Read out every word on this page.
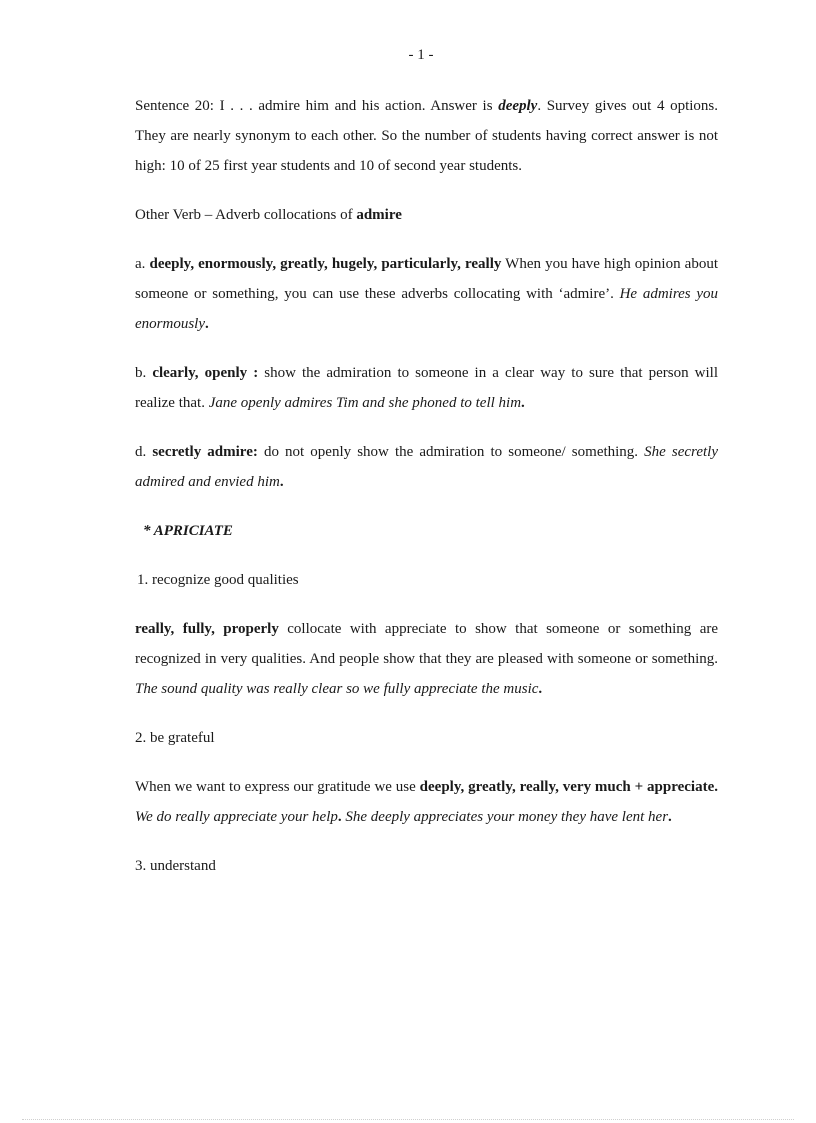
- 1 -

Sentence 20: I . . . admire him and his action. Answer is deeply. Survey gives out 4 options. They are nearly synonym to each other. So the number of students having correct answer is not high: 10 of 25 first year students and 10 of second year students.

Other Verb – Adverb collocations of admire

a. deeply, enormously, greatly, hugely, particularly, really When you have high opinion about someone or something, you can use these adverbs collocating with ‘admire’. He admires you enormously.

b. clearly, openly : show the admiration to someone in a clear way to sure that person will realize that. Jane openly admires Tim and she phoned to tell him.

d. secretly admire: do not openly show the admiration to someone/ something. She secretly admired and envied him.

* APRICIATE

1. recognize good qualities

really, fully, properly collocate with appreciate to show that someone or something are recognized in very qualities. And people show that they are pleased with someone or something. The sound quality was really clear so we fully appreciate the music.

2. be grateful

When we want to express our gratitude we use deeply, greatly, really, very much + appreciate. We do really appreciate your help. She deeply appreciates your money they have lent her.

3. understand
